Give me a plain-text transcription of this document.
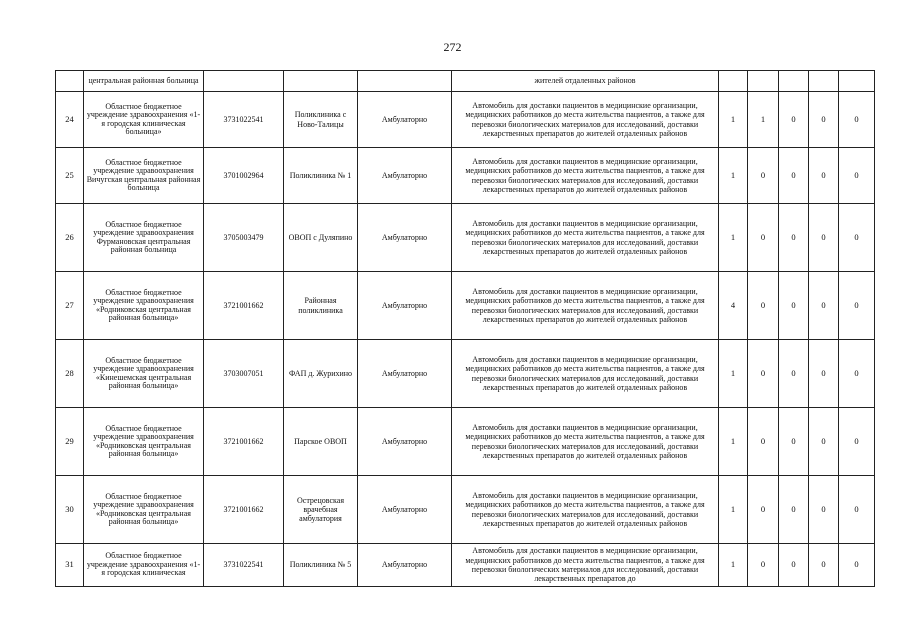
272
	центральная районная больница				жителей отдаленных районов					
24	Областное бюджетное учреждение здравоохранения «1-я городская клиническая больница»	3731022541	Поликлиника с Ново-Талицы	Амбулаторно	Автомобиль для доставки пациентов в медицинские организации, медицинских работников до места жительства пациентов, а также для перевозки биологических материалов для исследований, доставки лекарственных препаратов до жителей отдаленных районов	1	1	0	0	0
25	Областное бюджетное учреждение здравоохранения Вичугская центральная районная больница	3701002964	Поликлиника № 1	Амбулаторно	Автомобиль для доставки пациентов в медицинские организации, медицинских работников до места жительства пациентов, а также для перевозки биологических материалов для исследований, доставки лекарственных препаратов до жителей отдаленных районов	1	0	0	0	0
26	Областное бюджетное учреждение здравоохранения Фурмановская центральная районная больница	3705003479	ОВОП с Дуляпино	Амбулаторно	Автомобиль для доставки пациентов в медицинские организации, медицинских работников до места жительства пациентов, а также для перевозки биологических материалов для исследований, доставки лекарственных препаратов до жителей отдаленных районов	1	0	0	0	0
27	Областное бюджетное учреждение здравоохранения «Родниковская центральная районная больница»	3721001662	Районная поликлиника	Амбулаторно	Автомобиль для доставки пациентов в медицинские организации, медицинских работников до места жительства пациентов, а также для перевозки биологических материалов для исследований, доставки лекарственных препаратов до жителей отдаленных районов	4	0	0	0	0
28	Областное бюджетное учреждение здравоохранения «Кинешемская центральная районная больница»	3703007051	ФАП д. Журихино	Амбулаторно	Автомобиль для доставки пациентов в медицинские организации, медицинских работников до места жительства пациентов, а также для перевозки биологических материалов для исследований, доставки лекарственных препаратов до жителей отдаленных районов	1	0	0	0	0
29	Областное бюджетное учреждение здравоохранения «Родниковская центральная районная больница»	3721001662	Парское ОВОП	Амбулаторно	Автомобиль для доставки пациентов в медицинские организации, медицинских работников до места жительства пациентов, а также для перевозки биологических материалов для исследований, доставки лекарственных препаратов до жителей отдаленных районов	1	0	0	0	0
30	Областное бюджетное учреждение здравоохранения «Родниковская центральная районная больница»	3721001662	Острецовская врачебная амбулатория	Амбулаторно	Автомобиль для доставки пациентов в медицинские организации, медицинских работников до места жительства пациентов, а также для перевозки биологических материалов для исследований, доставки лекарственных препаратов до жителей отдаленных районов	1	0	0	0	0
31	Областное бюджетное учреждение здравоохранения «1-я городская клиническая	3731022541	Поликлиника № 5	Амбулаторно	Автомобиль для доставки пациентов в медицинские организации, медицинских работников до места жительства пациентов, а также для перевозки биологических материалов для исследований, доставки лекарственных препаратов до	1	0	0	0	0
